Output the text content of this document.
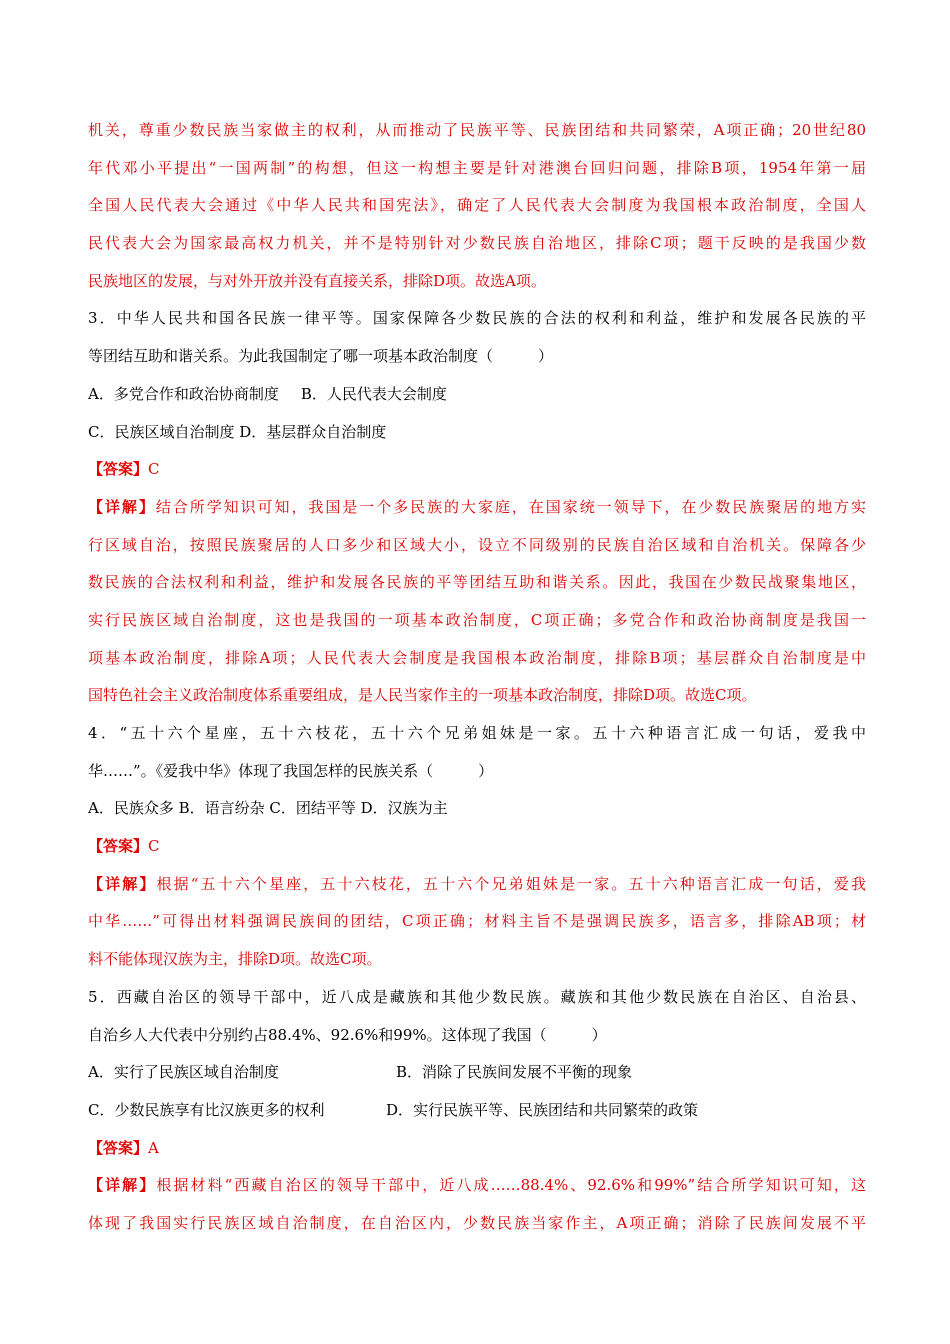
机关，尊重少数民族当家做主的权利，从而推动了民族平等、民族团结和共同繁荣，A项正确；20世纪80
年代邓小平提出“一国两制”的构想，但这一构想主要是针对港澳台回归问题，排除B项，1954年第一届
全国人民代表大会通过《中华人民共和国宪法》，确定了人民代表大会制度为我国根本政治制度，全国人
民代表大会为国家最高权力机关，并不是特别针对少数民族自治地区，排除C项；题干反映的是我国少数
民族地区的发展，与对外开放并没有直接关系，排除D项。故选A项。
3．中华人民共和国各民族一律平等。国家保障各少数民族的合法的权利和利益，维护和发展各民族的平
等团结互助和谐关系。为此我国制定了哪一项基本政治制度（　　　）
A．多党合作和政治协商制度 B．人民代表大会制度
C．民族区域自治制度 D．基层群众自治制度
【答案】C
【详解】结合所学知识可知，我国是一个多民族的大家庭，在国家统一领导下，在少数民族聚居的地方实
行区域自治，按照民族聚居的人口多少和区域大小，设立不同级别的民族自治区域和自治机关。保障各少
数民族的合法权利和利益，维护和发展各民族的平等团结互助和谐关系。因此，我国在少数民战聚集地区，
实行民族区域自治制度，这也是我国的一项基本政治制度，C项正确；多党合作和政治协商制度是我国一
项基本政治制度，排除A项；人民代表大会制度是我国根本政治制度，排除B项；基层群众自治制度是中
国特色社会主义政治制度体系重要组成，是人民当家作主的一项基本政治制度，排除D项。故选C项。
4．“五十六个星座，五十六枝花，五十六个兄弟姐妹是一家。五十六种语言汇成一句话，爱我中
华……”。《爱我中华》体现了我国怎样的民族关系（　　　）
A．民族众多 B．语言纷杂 C．团结平等 D．汉族为主
【答案】C
【详解】根据“五十六个星座，五十六枝花，五十六个兄弟姐妹是一家。五十六种语言汇成一句话，爱我
中华……”可得出材料强调民族间的团结，C项正确；材料主旨不是强调民族多，语言多，排除AB项；材
料不能体现汉族为主，排除D项。故选C项。
5．西藏自治区的领导干部中，近八成是藏族和其他少数民族。藏族和其他少数民族在自治区、自治县、
自治乡人大代表中分别约占88.4%、92.6%和99%。这体现了我国（　　　）
A．实行了民族区域自治制度	B．消除了民族间发展不平衡的现象
C．少数民族享有比汉族更多的权利	D．实行民族平等、民族团结和共同繁荣的政策
【答案】A
【详解】根据材料“西藏自治区的领导干部中，近八成……88.4%、92.6%和99%”结合所学知识可知，这
体现了我国实行民族区域自治制度，在自治区内，少数民族当家作主，A项正确；消除了民族间发展不平
